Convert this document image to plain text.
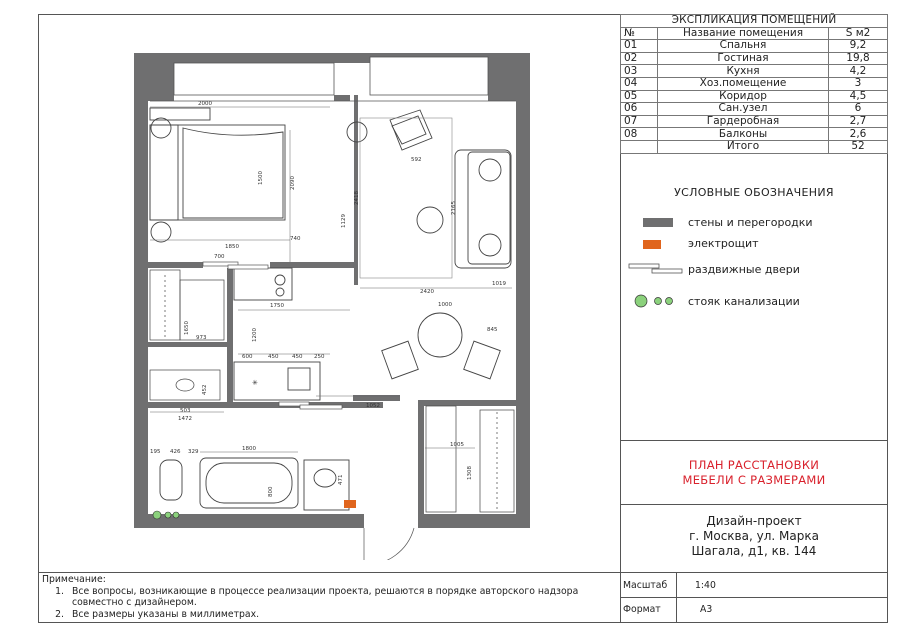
✳
2000
740
1850
700
2420
1019
1000
845
1750
600	450 450 250
1052
1472
503
1800
1005
195 426 329
973
592
1500	2090
2418
2165
1200
800
1308
1650
452
1129
471
ЭКСПЛИКАЦИЯ ПОМЕЩЕНИЙ		
№	Название помещения	S м2
01	Спальня	9,2
02	Гостиная	19,8
03	Кухня	4,2
04	Хоз.помещение	3
05	Коридор	4,5
06	Сан.узел	6
07	Гардеробная	2,7
08	Балконы	2,6
	Итого	52
УСЛОВНЫЕ ОБОЗНАЧЕНИЯ
стены и перегородки
электрощит
раздвижные двери
стояк канализации
ПЛАН РАССТАНОВКИ
МЕБЕЛИ С РАЗМЕРАМИ
Дизайн-проект
г. Москва, ул. Марка
Шагала, д1, кв. 144
Масштаб	1:40
Формат	А3
Примечание:
1. Все вопросы, возникающие в процессе реализации проекта, решаются в порядке авторского надзора
совместно с дизайнером.
2. Все размеры указаны в миллиметрах.
